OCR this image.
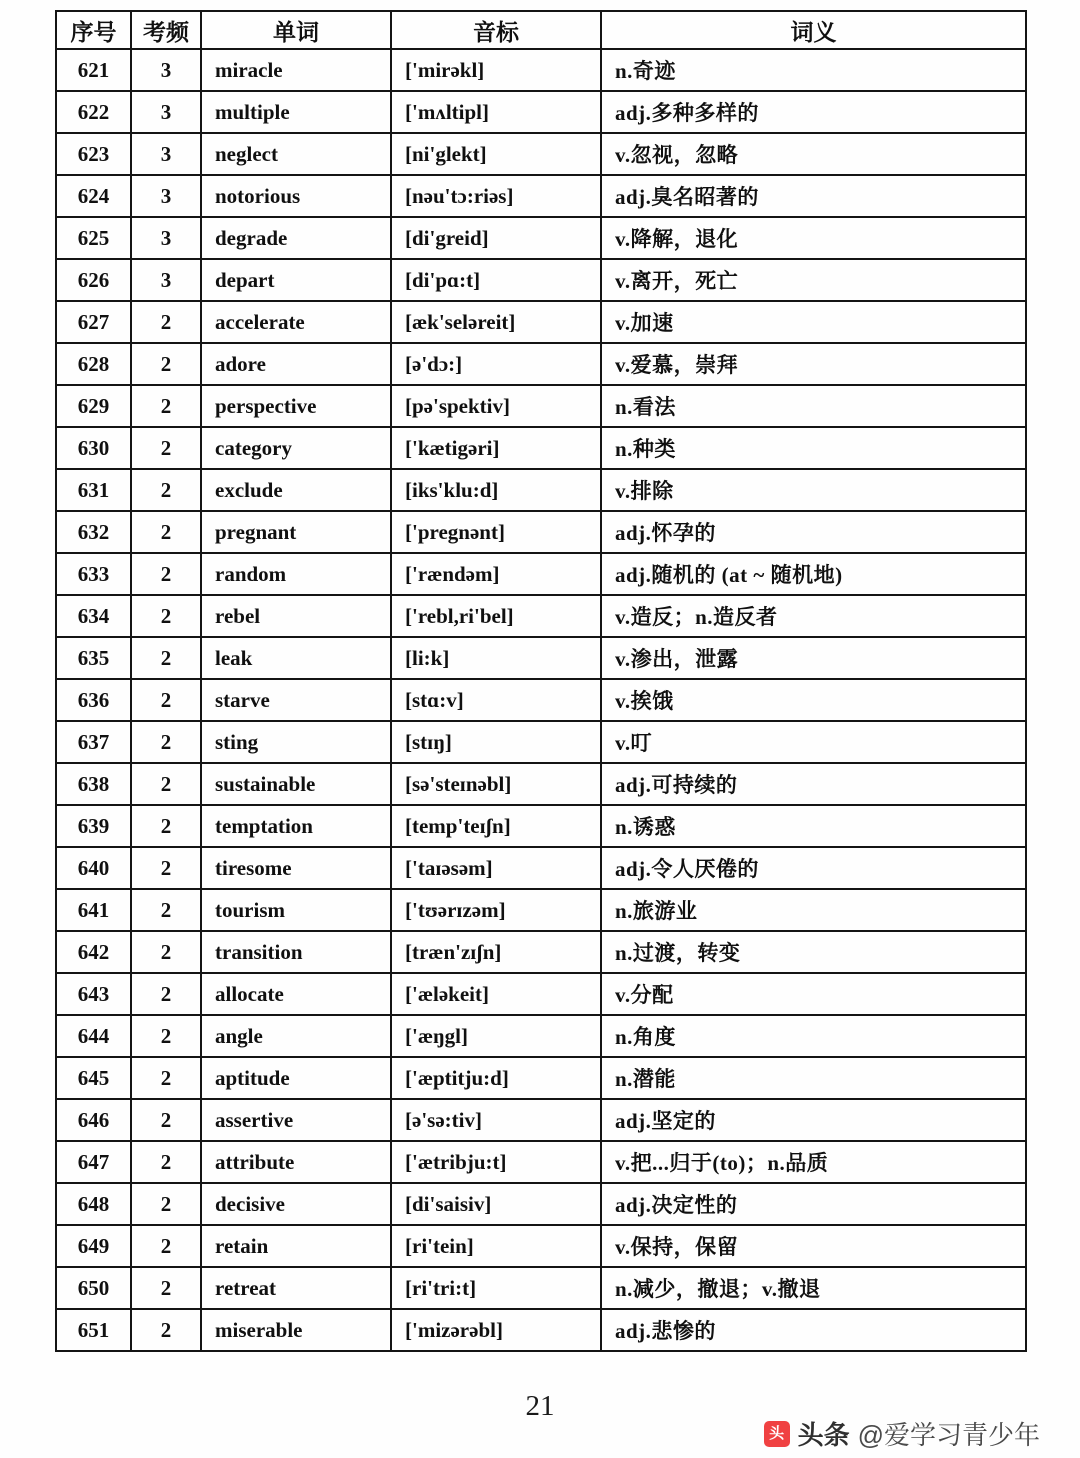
序号	考频	单词	音标	词义
621	3	miracle	['mirəkl]	n.奇迹
622	3	multiple	['mʌltipl]	adj.多种多样的
623	3	neglect	[ni'glekt]	v.忽视，忽略
624	3	notorious	[nəu'tɔ:riəs]	adj.臭名昭著的
625	3	degrade	[di'greid]	v.降解，退化
626	3	depart	[di'pɑ:t]	v.离开，死亡
627	2	accelerate	[æk'seləreit]	v.加速
628	2	adore	[ə'dɔ:]	v.爱慕，崇拜
629	2	perspective	[pə'spektiv]	n.看法
630	2	category	['kætigəri]	n.种类
631	2	exclude	[iks'klu:d]	v.排除
632	2	pregnant	['pregnənt]	adj.怀孕的
633	2	random	['rændəm]	adj.随机的 (at ~ 随机地)
634	2	rebel	['rebl,ri'bel]	v.造反；n.造反者
635	2	leak	[li:k]	v.渗出，泄露
636	2	starve	[stɑ:v]	v.挨饿
637	2	sting	[stɪŋ]	v.叮
638	2	sustainable	[sə'steɪnəbl]	adj.可持续的
639	2	temptation	[temp'teɪʃn]	n.诱惑
640	2	tiresome	['taɪəsəm]	adj.令人厌倦的
641	2	tourism	['tʊərɪzəm]	n.旅游业
642	2	transition	[træn'zɪʃn]	n.过渡，转变
643	2	allocate	['æləkeit]	v.分配
644	2	angle	['æŋgl]	n.角度
645	2	aptitude	['æptitju:d]	n.潜能
646	2	assertive	[ə'sə:tiv]	adj.坚定的
647	2	attribute	['ætribju:t]	v.把...归于(to)；n.品质
648	2	decisive	[di'saisiv]	adj.决定性的
649	2	retain	[ri'tein]	v.保持，保留
650	2	retreat	[ri'tri:t]	n.减少，撤退；v.撤退
651	2	miserable	['mizərəbl]	adj.悲惨的
21
头 头条 @爱学习青少年
